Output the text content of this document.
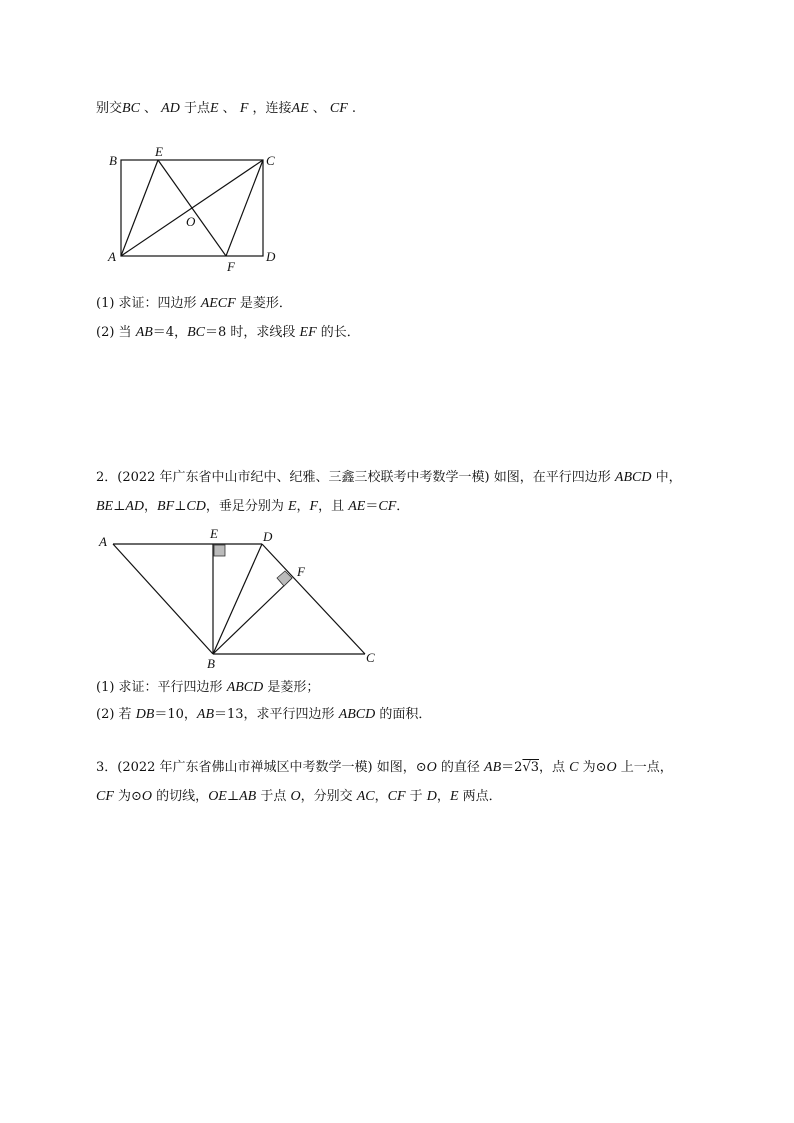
别交BC 、 AD 于点E 、 F ，连接AE 、 CF .
B
E
C
O
A
F
D
(1) 求证：四边形 AECF 是菱形．
(2) 当 AB＝4，BC＝8 时，求线段 EF 的长．
2．(2022 年广东省中山市纪中、纪雅、三鑫三校联考中考数学一模) 如图，在平行四边形 ABCD 中，
BE⊥AD，BF⊥CD，垂足分别为 E，F，且 AE＝CF．
A
E	D
F
B	C
(1) 求证：平行四边形 ABCD 是菱形；
(2) 若 DB＝10，AB＝13，求平行四边形 ABCD 的面积．
3．(2022 年广东省佛山市禅城区中考数学一模) 如图，⊙O 的直径 AB＝2√3，点 C 为⊙O 上一点，
CF 为⊙O 的切线，OE⊥AB 于点 O，分别交 AC，CF 于 D，E 两点．
